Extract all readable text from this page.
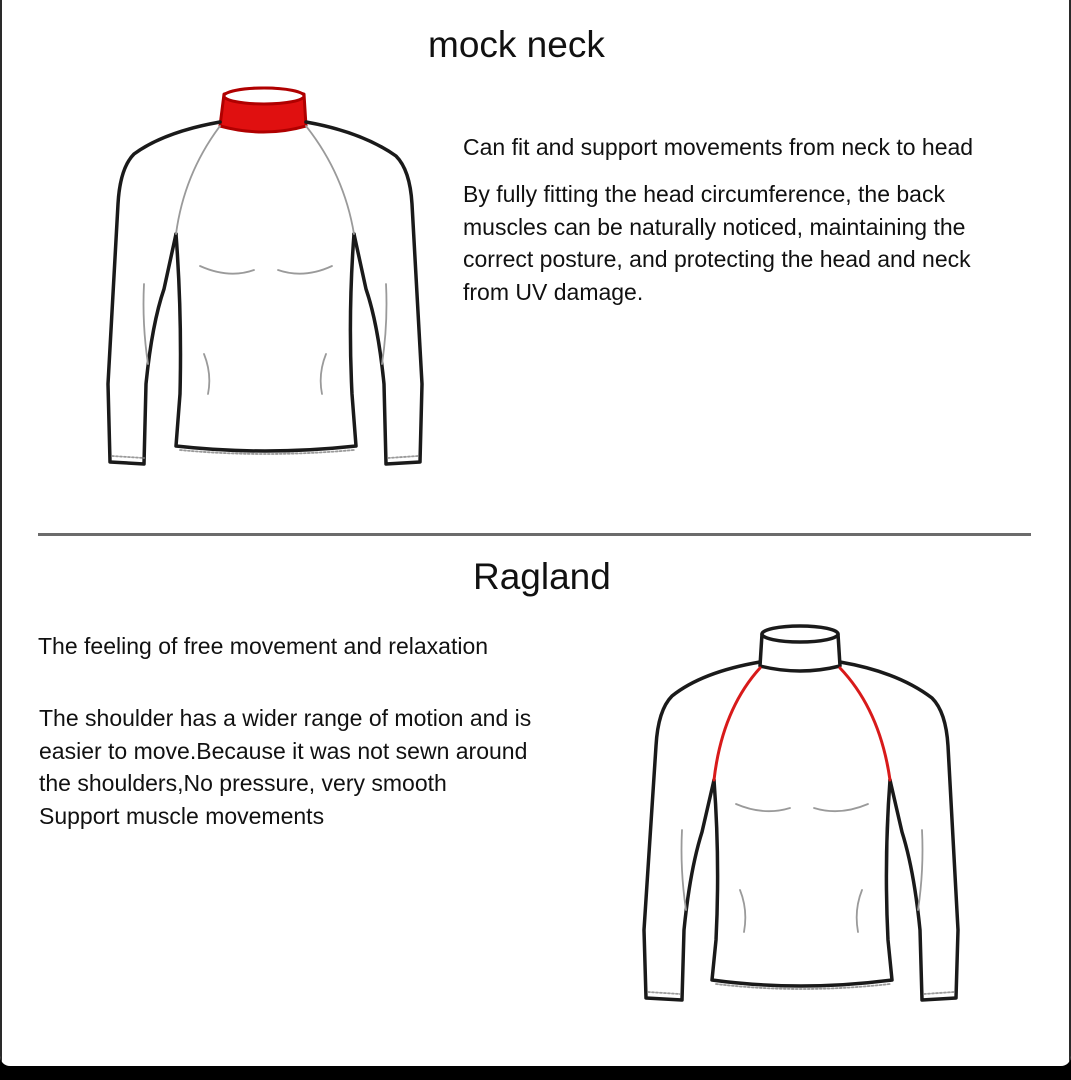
mock neck

Can fit and support movements from neck to head

By fully fitting the head circumference, the back
muscles can be naturally noticed, maintaining the
correct posture, and protecting the head and neck
from UV damage.

Ragland

The feeling of free movement and relaxation

The shoulder has a wider range of motion and is
easier to move.Because it was not sewn around
the shoulders,No pressure, very smooth
Support muscle movements
